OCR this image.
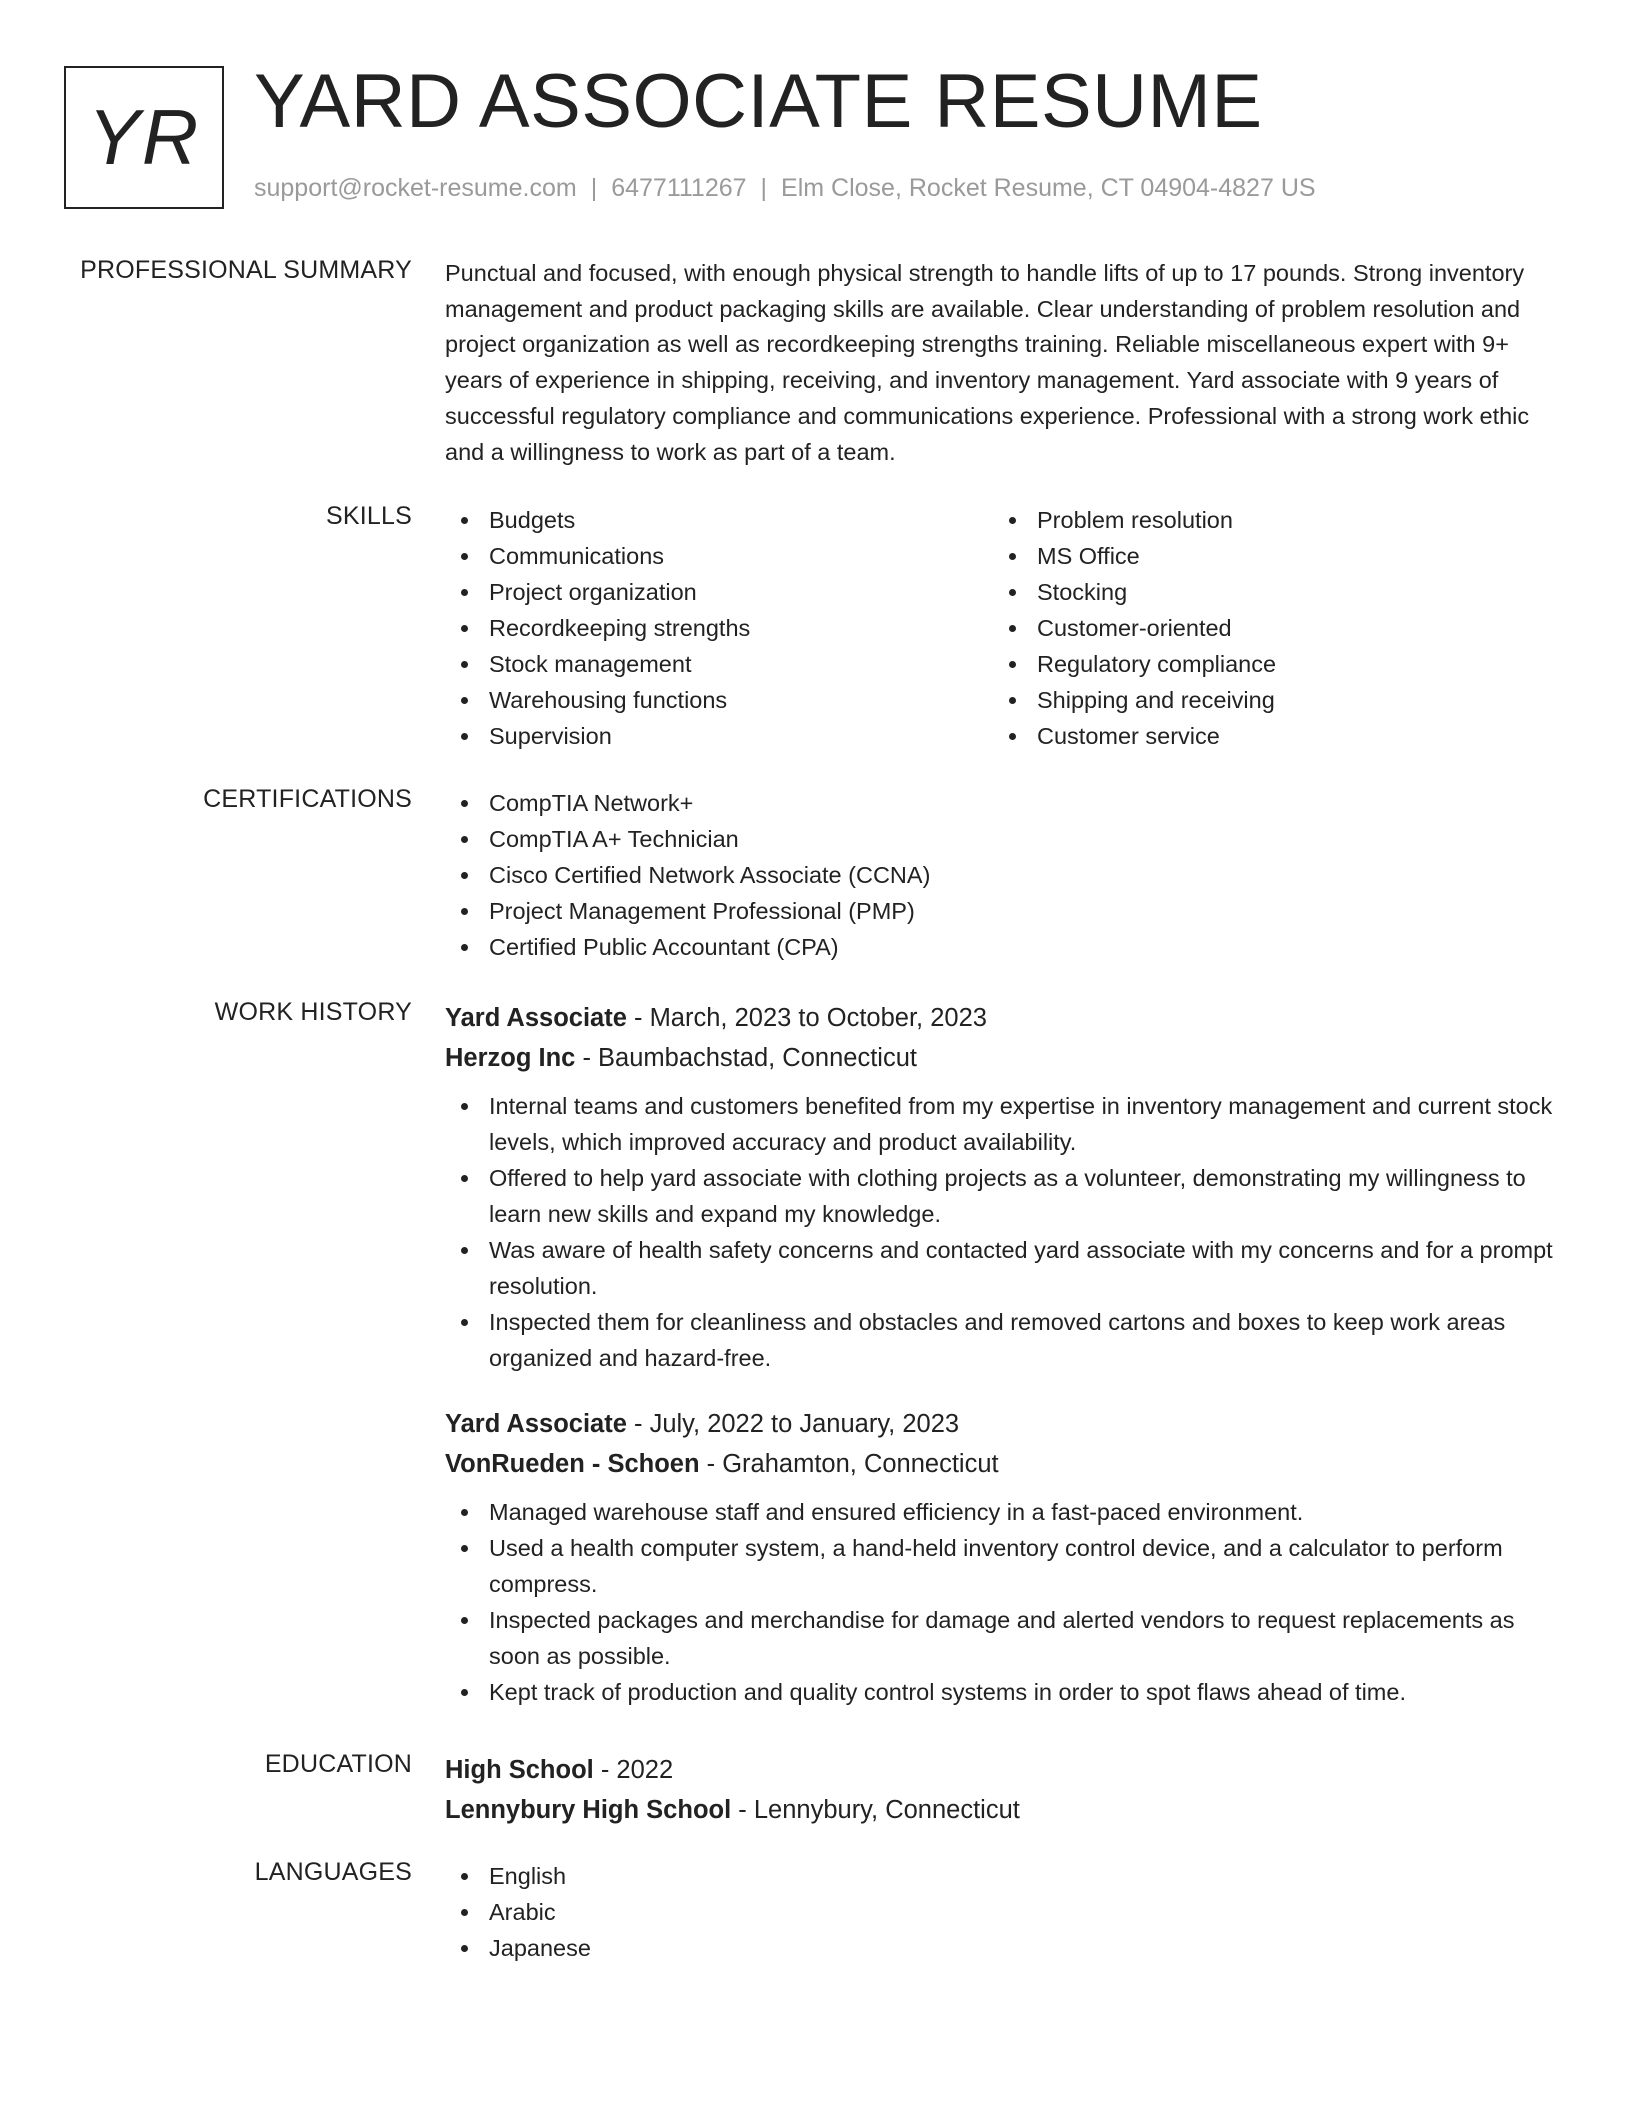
YR YARD ASSOCIATE RESUME
support@rocket-resume.com | 6477111267 | Elm Close, Rocket Resume, CT 04904-4827 US
PROFESSIONAL SUMMARY Punctual and focused, with enough physical strength to handle lifts of up to 17 pounds. Strong inventory management and product packaging skills are available. Clear understanding of problem resolution and project organization as well as recordkeeping strengths training. Reliable miscellaneous expert with 9+ years of experience in shipping, receiving, and inventory management. Yard associate with 9 years of successful regulatory compliance and communications experience. Professional with a strong work ethic and a willingness to work as part of a team.
SKILLS	Budgets
Communications
Project organization
Recordkeeping strengths
Stock management
Warehousing functions
Supervision
Problem resolution
MS Office
Stocking
Customer-oriented
Regulatory compliance
Shipping and receiving
Customer service
CERTIFICATIONS	CompTIA Network+
CompTIA A+ Technician
Cisco Certified Network Associate (CCNA)
Project Management Professional (PMP)
Certified Public Accountant (CPA)
WORK HISTORY Yard Associate - March, 2023 to October, 2023
Herzog Inc - Baumbachstad, Connecticut
Internal teams and customers benefited from my expertise in inventory management and current stock levels, which improved accuracy and product availability.
Offered to help yard associate with clothing projects as a volunteer, demonstrating my willingness to learn new skills and expand my knowledge.
Was aware of health safety concerns and contacted yard associate with my concerns and for a prompt resolution.
Inspected them for cleanliness and obstacles and removed cartons and boxes to keep work areas organized and hazard-free.
Yard Associate - July, 2022 to January, 2023
VonRueden - Schoen - Grahamton, Connecticut
Managed warehouse staff and ensured efficiency in a fast-paced environment.
Used a health computer system, a hand-held inventory control device, and a calculator to perform compress.
Inspected packages and merchandise for damage and alerted vendors to request replacements as soon as possible.
Kept track of production and quality control systems in order to spot flaws ahead of time.
EDUCATION High School - 2022
Lennybury High School - Lennybury, Connecticut
LANGUAGES	English
Arabic
Japanese
